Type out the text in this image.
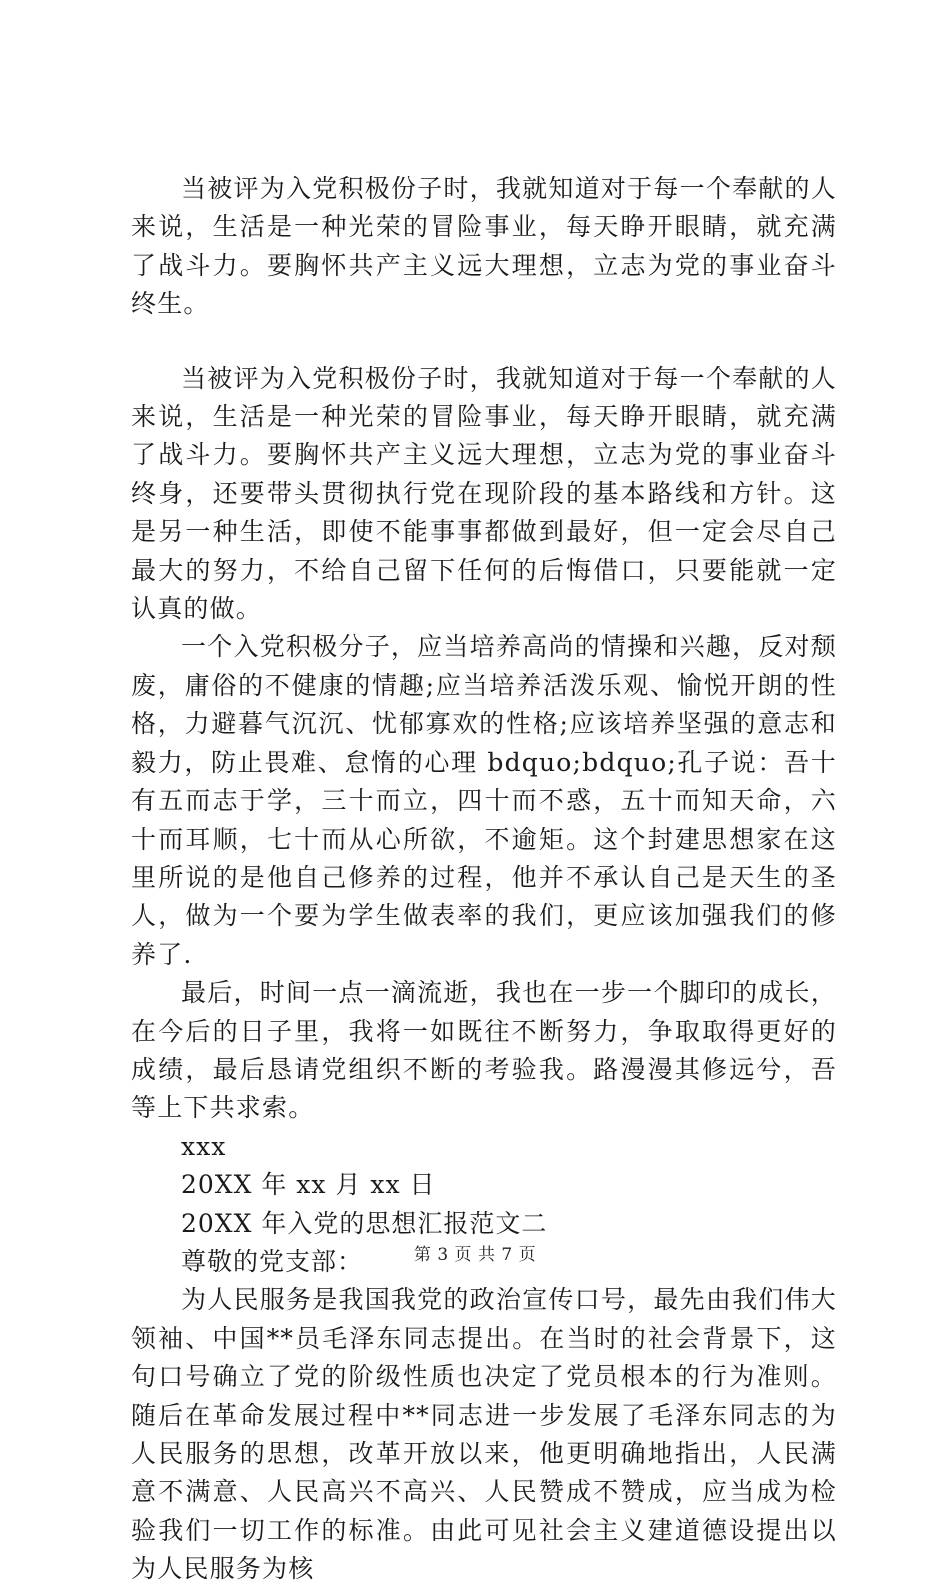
当被评为入党积极份子时，我就知道对于每一个奉献的人来说，生活是一种光荣的冒险事业，每天睁开眼睛，就充满了战斗力。要胸怀共产主义远大理想，立志为党的事业奋斗终生。

当被评为入党积极份子时，我就知道对于每一个奉献的人来说，生活是一种光荣的冒险事业，每天睁开眼睛，就充满了战斗力。要胸怀共产主义远大理想，立志为党的事业奋斗终身，还要带头贯彻执行党在现阶段的基本路线和方针。这是另一种生活，即使不能事事都做到最好，但一定会尽自己最大的努力，不给自己留下任何的后悔借口，只要能就一定认真的做。

一个入党积极分子，应当培养高尚的情操和兴趣，反对颓废，庸俗的不健康的情趣;应当培养活泼乐观、愉悦开朗的性格，力避暮气沉沉、忧郁寡欢的性格;应该培养坚强的意志和毅力，防止畏难、怠惰的心理 bdquo;bdquo;孔子说：吾十有五而志于学，三十而立，四十而不惑，五十而知天命，六十而耳顺，七十而从心所欲，不逾矩。这个封建思想家在这里所说的是他自己修养的过程，他并不承认自己是天生的圣人，做为一个要为学生做表率的我们，更应该加强我们的修养了.

最后，时间一点一滴流逝，我也在一步一个脚印的成长，在今后的日子里，我将一如既往不断努力，争取取得更好的成绩，最后恳请党组织不断的考验我。路漫漫其修远兮，吾等上下共求索。

xxx

20XX 年 xx 月 xx 日

20XX 年入党的思想汇报范文二

尊敬的党支部：

为人民服务是我国我党的政治宣传口号，最先由我们伟大领袖、中国**员毛泽东同志提出。在当时的社会背景下，这句口号确立了党的阶级性质也决定了党员根本的行为准则。随后在革命发展过程中**同志进一步发展了毛泽东同志的为人民服务的思想，改革开放以来，他更明确地指出，人民满意不满意、人民高兴不高兴、人民赞成不赞成，应当成为检验我们一切工作的标准。由此可见社会主义建道德设提出以为人民服务为核

第 3 页 共 7 页
